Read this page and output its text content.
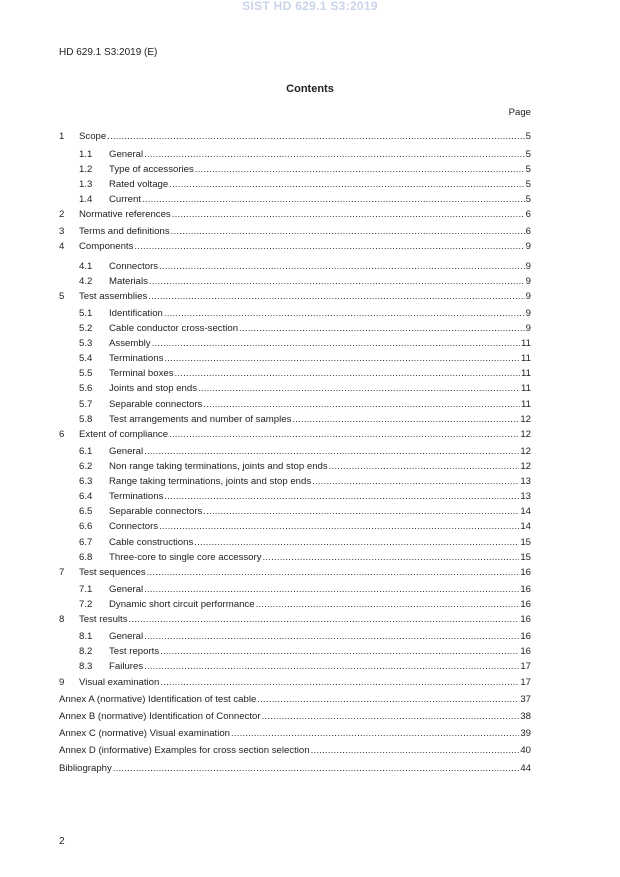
SIST HD 629.1 S3:2019
HD 629.1 S3:2019 (E)
Contents
Page
1	Scope .....	5
1.1	General .....	5
1.2	Type of accessories .....	5
1.3	Rated voltage .....	5
1.4	Current .....	5
2	Normative references .....	6
3	Terms and definitions .....	6
4	Components .....	9
4.1	Connectors .....	9
4.2	Materials .....	9
5	Test assemblies .....	9
5.1	Identification .....	9
5.2	Cable conductor cross-section .....	9
5.3	Assembly .....	11
5.4	Terminations .....	11
5.5	Terminal boxes .....	11
5.6	Joints and stop ends .....	11
5.7	Separable connectors .....	11
5.8	Test arrangements and number of samples .....	12
6	Extent of compliance .....	12
6.1	General .....	12
6.2	Non range taking terminations, joints and stop ends .....	12
6.3	Range taking terminations, joints and stop ends .....	13
6.4	Terminations .....	13
6.5	Separable connectors .....	14
6.6	Connectors .....	14
6.7	Cable constructions .....	15
6.8	Three-core to single core accessory .....	15
7	Test sequences .....	16
7.1	General .....	16
7.2	Dynamic short circuit performance .....	16
8	Test results .....	16
8.1	General .....	16
8.2	Test reports .....	16
8.3	Failures .....	17
9	Visual examination .....	17
Annex A (normative) Identification of test cable .....	37
Annex B (normative) Identification of Connector .....	38
Annex C (normative) Visual examination .....	39
Annex D (informative) Examples for cross section selection .....	40
Bibliography .....	44
2
